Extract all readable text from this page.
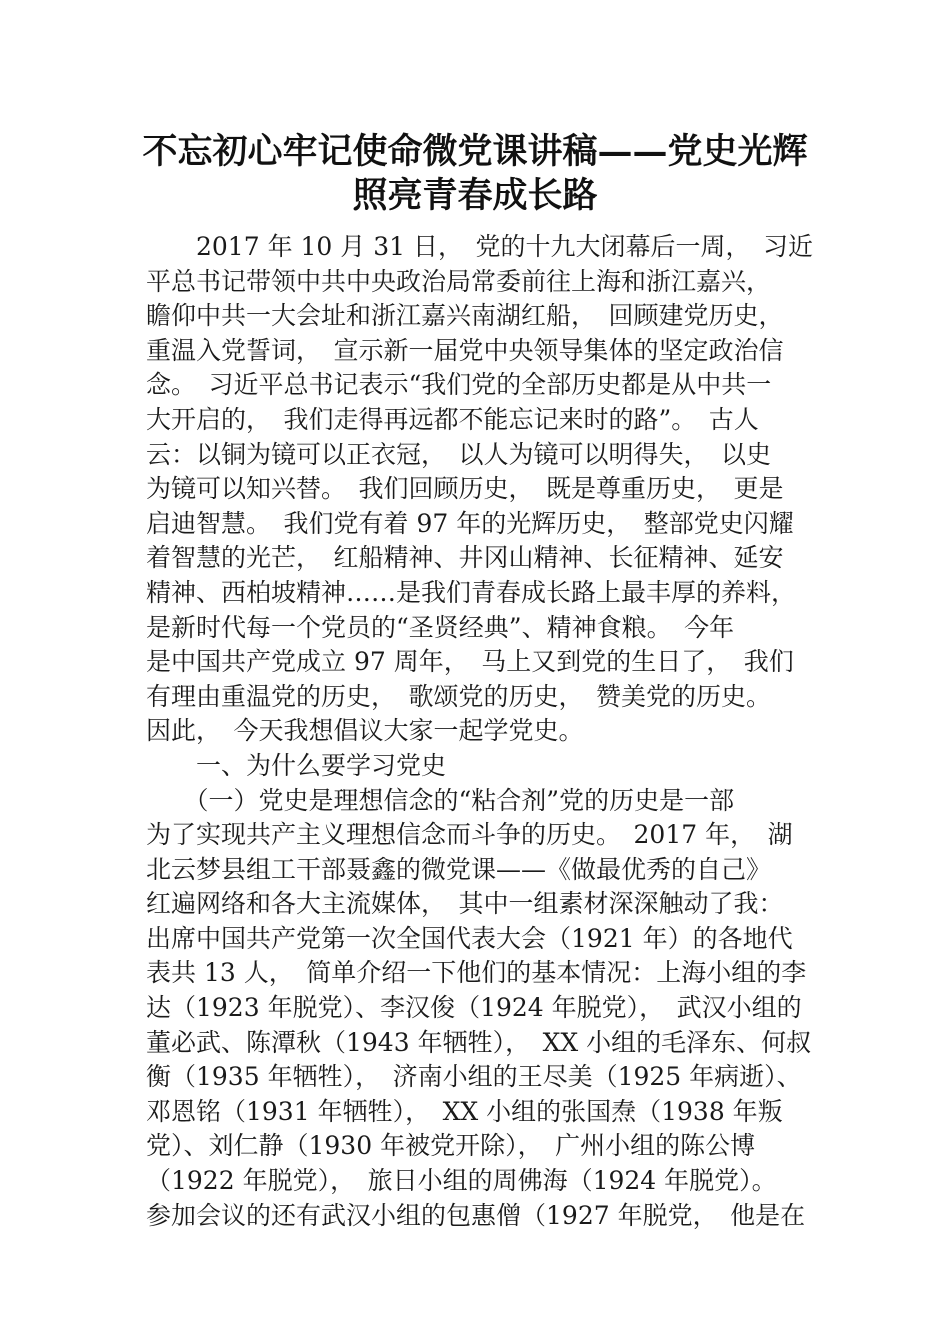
不忘初心牢记使命微党课讲稿——党史光辉
照亮青春成长路
　　2017 年 10 月 31 日，　党的十九大闭幕后一周，　习近
平总书记带领中共中央政治局常委前往上海和浙江嘉兴，
瞻仰中共一大会址和浙江嘉兴南湖红船，　回顾建党历史，
重温入党誓词，　宣示新一届党中央领导集体的坚定政治信
念。　习近平总书记表示“我们党的全部历史都是从中共一
大开启的，　我们走得再远都不能忘记来时的路”。　古人
云：以铜为镜可以正衣冠，　以人为镜可以明得失，　以史
为镜可以知兴替。　我们回顾历史，　既是尊重历史，　更是
启迪智慧。　我们党有着 97 年的光辉历史，　整部党史闪耀
着智慧的光芒，　红船精神、井冈山精神、长征精神、延安
精神、西柏坡精神……是我们青春成长路上最丰厚的养料，
是新时代每一个党员的“圣贤经典”、精神食粮。　今年
是中国共产党成立 97 周年，　马上又到党的生日了，　我们
有理由重温党的历史，　歌颂党的历史，　赞美党的历史。
因此，　今天我想倡议大家一起学党史。
　　一、为什么要学习党史
　　（一）党史是理想信念的“粘合剂”党的历史是一部
为了实现共产主义理想信念而斗争的历史。　2017 年，　湖
北云梦县组工干部聂鑫的微党课——《做最优秀的自己》
红遍网络和各大主流媒体，　其中一组素材深深触动了我：
出席中国共产党第一次全国代表大会（1921 年）的各地代
表共 13 人，　简单介绍一下他们的基本情况：上海小组的李
达（1923 年脱党）、李汉俊（1924 年脱党），　武汉小组的
董必武、陈潭秋（1943 年牺牲），　XX 小组的毛泽东、何叔
衡（1935 年牺牲），　济南小组的王尽美（1925 年病逝）、
邓恩铭（1931 年牺牲），　XX 小组的张国焘（1938 年叛
党）、刘仁静（1930 年被党开除），　广州小组的陈公博
（1922 年脱党），　旅日小组的周佛海（1924 年脱党）。
参加会议的还有武汉小组的包惠僧（1927 年脱党，　他是在
